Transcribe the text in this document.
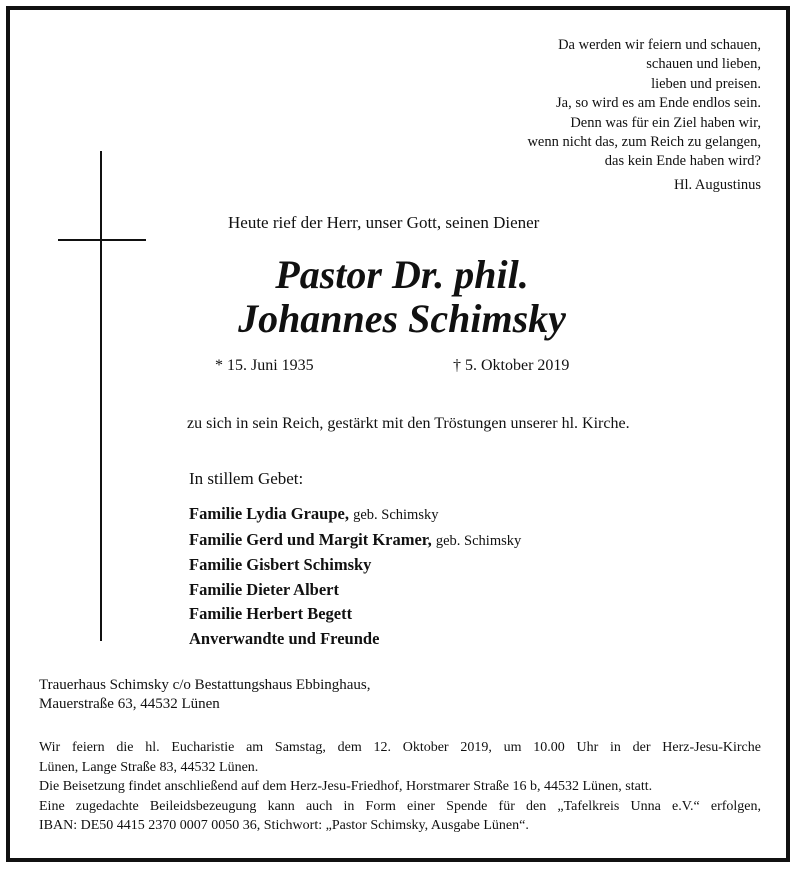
Da werden wir feiern und schauen,
schauen und lieben,
lieben und preisen.
Ja, so wird es am Ende endlos sein.
Denn was für ein Ziel haben wir,
wenn nicht das, zum Reich zu gelangen,
das kein Ende haben wird?
Hl. Augustinus
Heute rief der Herr, unser Gott, seinen Diener
Pastor Dr. phil.
Johannes Schimsky
* 15. Juni 1935	† 5. Oktober 2019
zu sich in sein Reich, gestärkt mit den Tröstungen unserer hl. Kirche.
In stillem Gebet:
Familie Lydia Graupe, geb. Schimsky
Familie Gerd und Margit Kramer, geb. Schimsky
Familie Gisbert Schimsky
Familie Dieter Albert
Familie Herbert Begett
Anverwandte und Freunde
Trauerhaus Schimsky c/o Bestattungshaus Ebbinghaus,
Mauerstraße 63, 44532 Lünen
Wir feiern die hl. Eucharistie am Samstag, dem 12. Oktober 2019, um 10.00 Uhr in der Herz-Jesu-Kirche
Lünen, Lange Straße 83, 44532 Lünen.
Die Beisetzung findet anschließend auf dem Herz-Jesu-Friedhof, Horstmarer Straße 16 b, 44532 Lünen, statt.
Eine zugedachte Beileidsbezeugung kann auch in Form einer Spende für den „Tafelkreis Unna e.V.“ erfolgen,
IBAN: DE50 4415 2370 0007 0050 36, Stichwort: „Pastor Schimsky, Ausgabe Lünen“.
